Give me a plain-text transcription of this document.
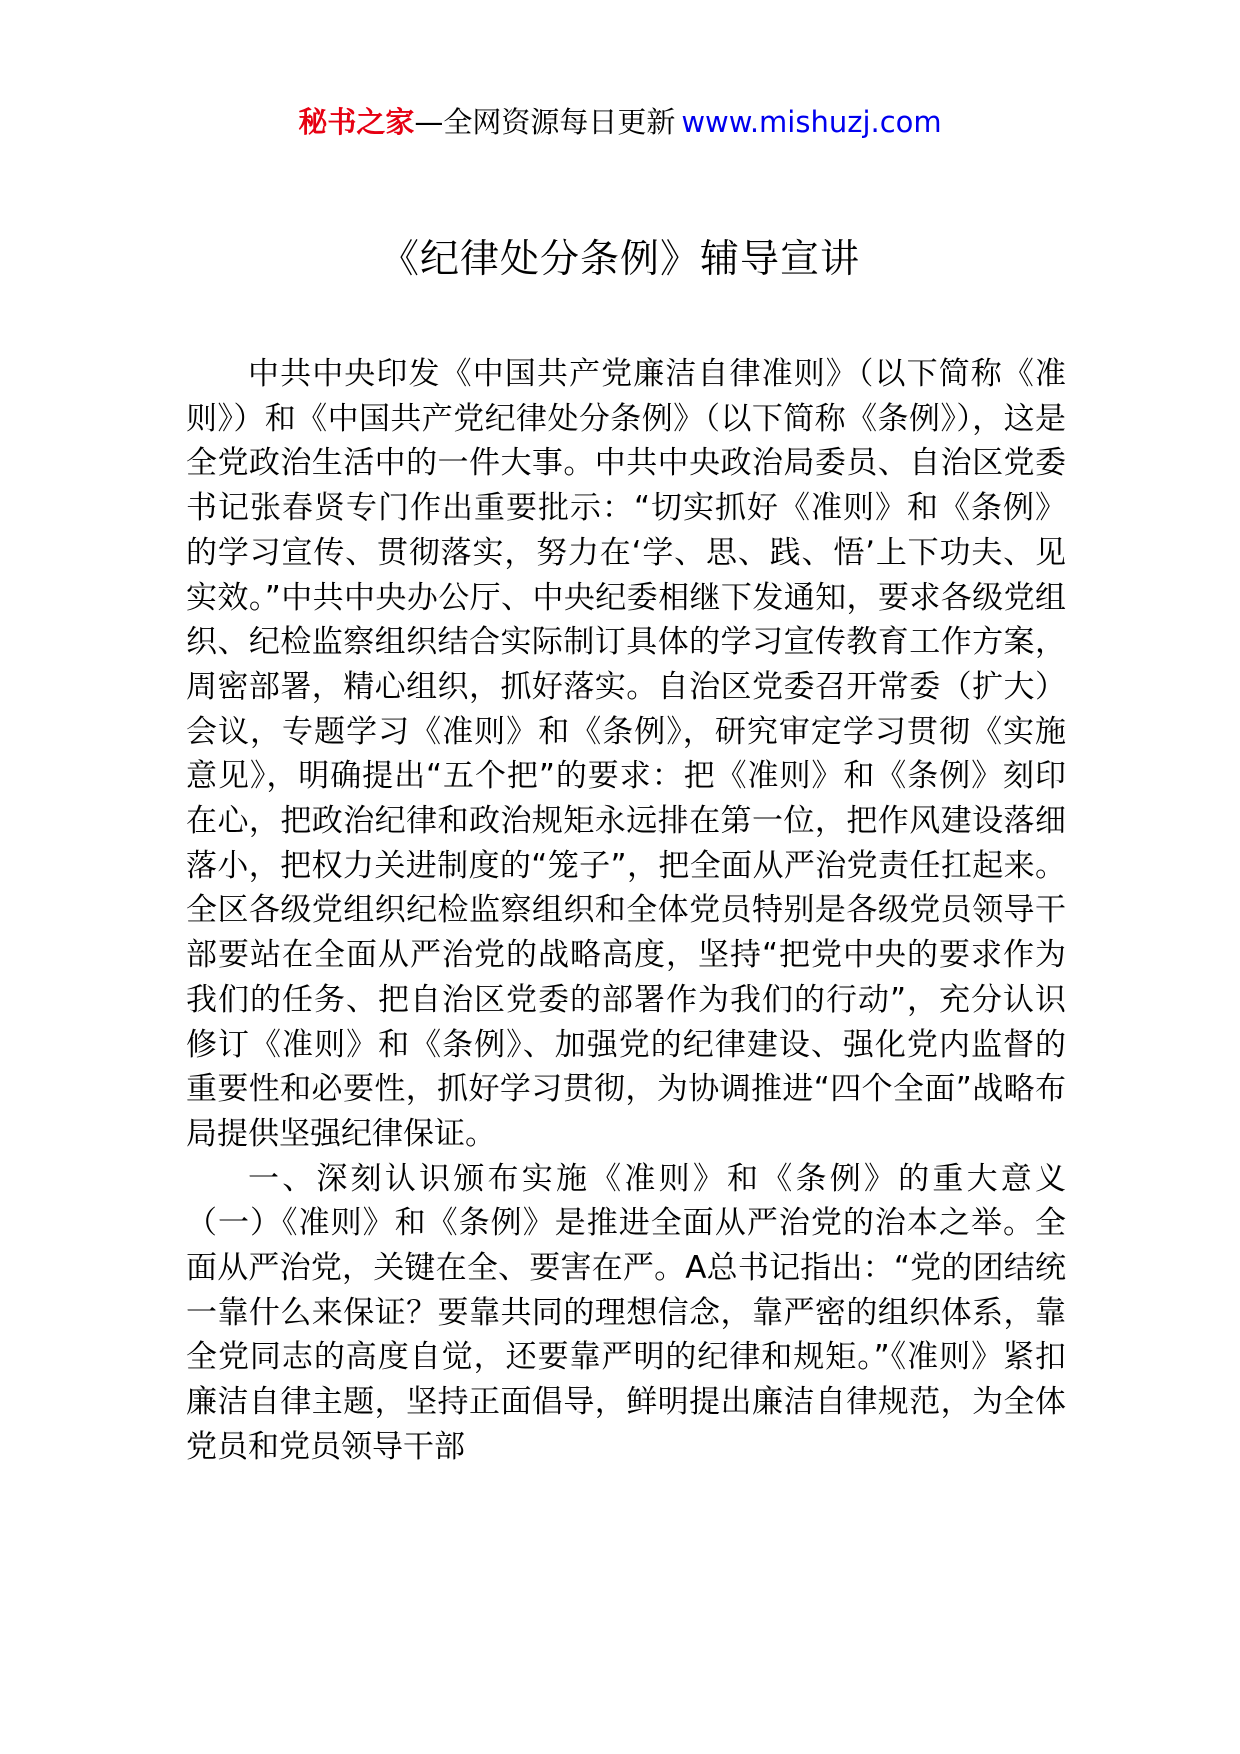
秘书之家—全网资源每日更新 www.mishuzj.com
《纪律处分条例》辅导宣讲

中共中央印发《中国共产党廉洁自律准则》（以下简称《准则》）和《中国共产党纪律处分条例》（以下简称《条例》），这是全党政治生活中的一件大事。中共中央政治局委员、自治区党委书记张春贤专门作出重要批示：“切实抓好《准则》和《条例》的学习宣传、贯彻落实，努力在‘学、思、践、悟’上下功夫、见实效。”中共中央办公厅、中央纪委相继下发通知，要求各级党组织、纪检监察组织结合实际制订具体的学习宣传教育工作方案，周密部署，精心组织，抓好落实。自治区党委召开常委（扩大）会议，专题学习《准则》和《条例》，研究审定学习贯彻《实施意见》，明确提出“五个把”的要求：把《准则》和《条例》刻印在心，把政治纪律和政治规矩永远排在第一位，把作风建设落细落小，把权力关进制度的“笼子”，把全面从严治党责任扛起来。全区各级党组织纪检监察组织和全体党员特别是各级党员领导干部要站在全面从严治党的战略高度，坚持“把党中央的要求作为我们的任务、把自治区党委的部署作为我们的行动”，充分认识修订《准则》和《条例》、加强党的纪律建设、强化党内监督的重要性和必要性，抓好学习贯彻，为协调推进“四个全面”战略布局提供坚强纪律保证。

一、深刻认识颁布实施《准则》和《条例》的重大意义（一）《准则》和《条例》是推进全面从严治党的治本之举。全面从严治党，关键在全、要害在严。A总书记指出：“党的团结统一靠什么来保证？要靠共同的理想信念，靠严密的组织体系，靠全党同志的高度自觉，还要靠严明的纪律和规矩。”《准则》紧扣廉洁自律主题，坚持正面倡导，鲜明提出廉洁自律规范，为全体党员和党员领导干部
